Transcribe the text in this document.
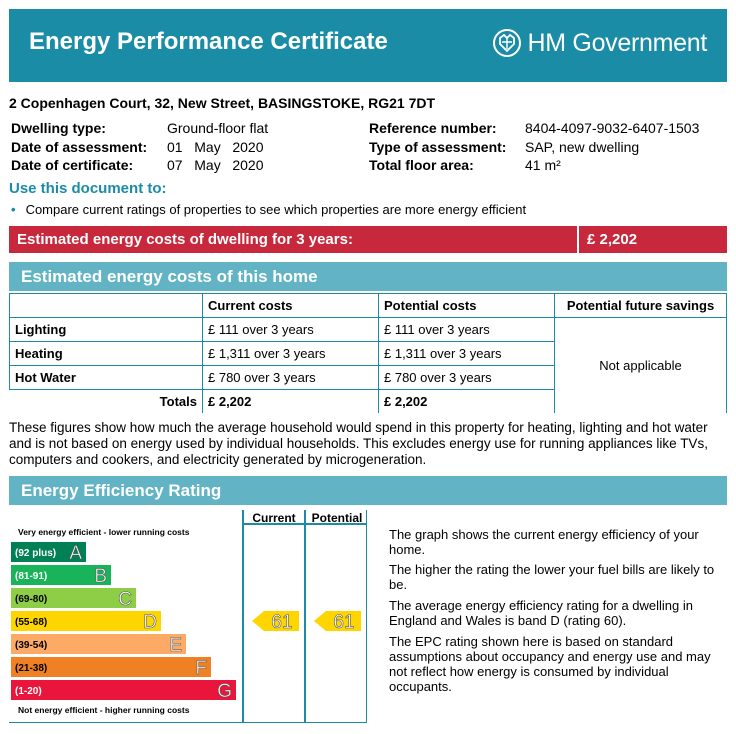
Energy Performance Certificate	HM Government
2 Copenhagen Court, 32, New Street, BASINGSTOKE, RG21 7DT
Dwelling type:	Ground-floor flat
Date of assessment: 01   May   2020
Date of certificate: 07   May   2020
Reference number: 8404-4097-9032-6407-1503
Type of assessment: SAP, new dwelling
Total floor area:	41 m²
Use this document to:
• Compare current ratings of properties to see which properties are more energy efficient
Estimated energy costs of dwelling for 3 years:	£ 2,202
Estimated energy costs of this home
	Current costs	Potential costs	Potential future savings
Lighting	£ 111 over 3 years	£ 111 over 3 years	Not applicable
Heating	£ 1,311 over 3 years	£ 1,311 over 3 years	
Hot Water	£ 780 over 3 years	£ 780 over 3 years	
Totals	£ 2,202	£ 2,202	
These figures show how much the average household would spend in this property for heating, lighting and hot water and is not based on energy used by individual households. This excludes energy use for running appliances like TVs, computers and cookers, and electricity generated by microgeneration.
Energy Efficiency Rating
Very energy efficient - lower running costs
Not energy efficient - higher running costs
Current Potential
(92 plus) A
(81-91) B
(69-80)	C
(55-68)	D
(39-54)	E
(21-38)	F
(1-20)	G
61 61
The graph shows the current energy efficiency of your home.
The higher the rating the lower your fuel bills are likely to be.
The average energy efficiency rating for a dwelling in England and Wales is band D (rating 60).
The EPC rating shown here is based on standard assumptions about occupancy and energy use and may not reflect how energy is consumed by individual occupants.
